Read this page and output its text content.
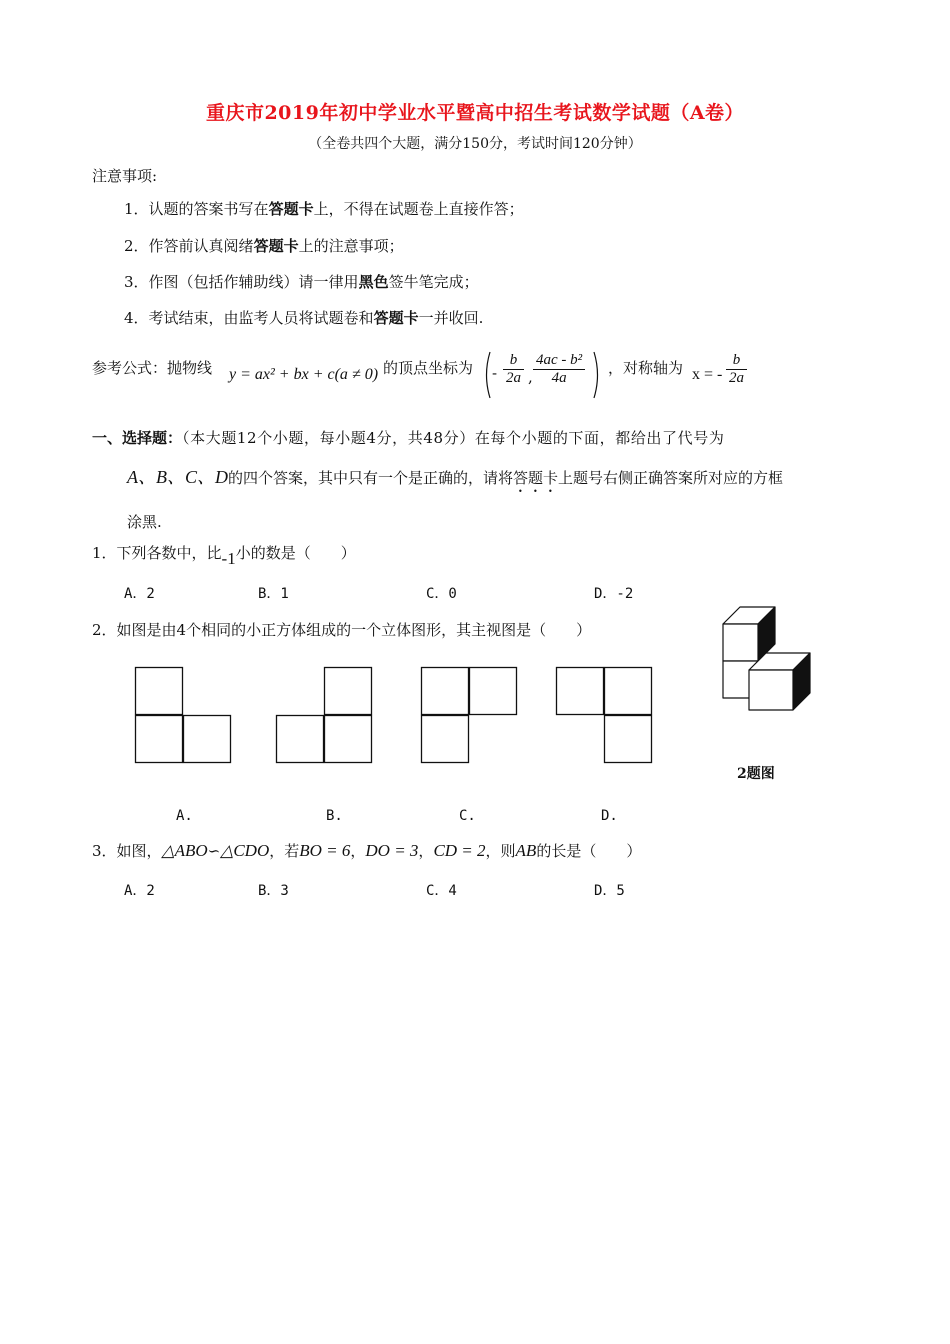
重庆市2019年初中学业水平暨高中招生考试数学试题（A卷）
（全卷共四个大题，满分150分，考试时间120分钟）
注意事项:
1．认题的答案书写在答题卡上，不得在试题卷上直接作答；
2．作答前认真阅绪答题卡上的注意事项；
3．作图（包括作辅助线）请一律用黑色签牛笔完成；
4．考试结束，由监考人员将试题卷和答题卡一并收回.
参考公式：抛物线 y = ax² + bx + c(a ≠ 0) 的顶点坐标为 - $\frac{b}{2a}$ , $\frac{\text{4ac - b²}}{4a}$ ，对称轴为 x = - $\frac{b}{2a}$
一、选择题：（本大题12个小题，每小题4分，共48分）在每个小题的下面，都给出了代号为
A、B、C、D的四个答案，其中只有一个是正确的，请将答题卡上题号右侧正确答案所对应的方框
涂黑.
1．下列各数中，比-1小的数是（　　）
A．2	B．1	C．0	D．-2
2．如图是由4个相同的小正方体组成的一个立体图形，其主视图是（　　）
2题图
A.	B.	C.	D.
3．如图，△ABO∽△CDO，若BO = 6，DO = 3，CD = 2，则AB的长是（　　）
A．2	B．3	C．4	D．5
